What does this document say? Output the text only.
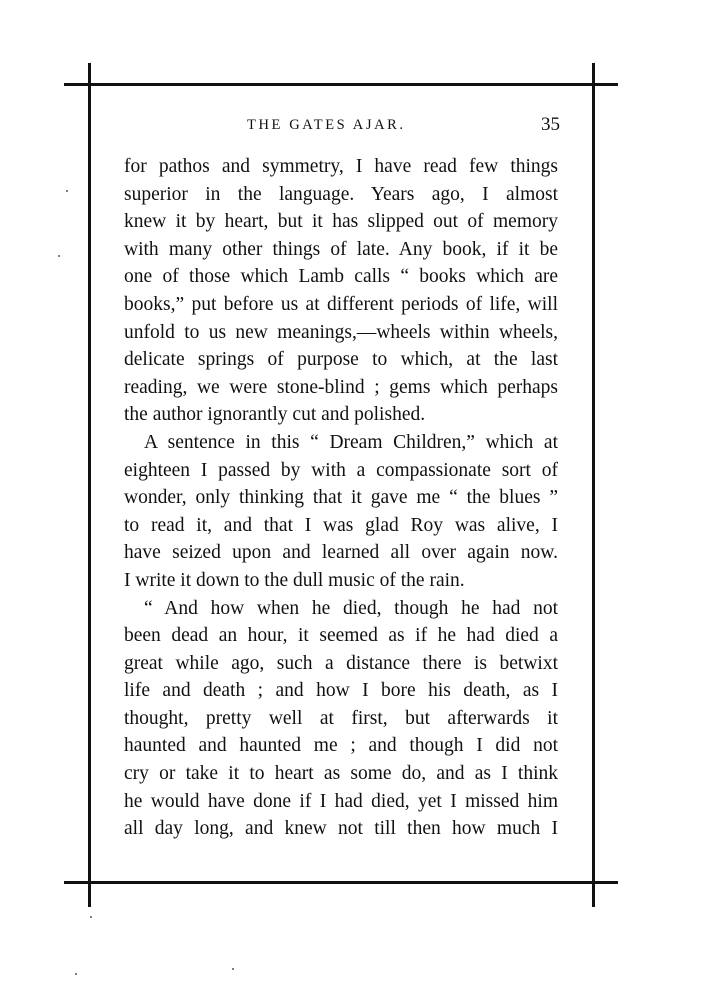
THE GATES AJAR.	35
for pathos and symmetry, I have read few things
superior in the language. Years ago, I almost
knew it by heart, but it has slipped out of memory
with many other things of late. Any book, if it be
one of those which Lamb calls “ books which are
books,” put before us at different periods of life, will
unfold to us new meanings,—wheels within wheels,
delicate springs of purpose to which, at the last
reading, we were stone-blind ; gems which perhaps
the author ignorantly cut and polished.
A sentence in this “ Dream Children,” which at
eighteen I passed by with a compassionate sort of
wonder, only thinking that it gave me “ the blues ”
to read it, and that I was glad Roy was alive, I
have seized upon and learned all over again now.
I write it down to the dull music of the rain.
“ And how when he died, though he had not
been dead an hour, it seemed as if he had died a
great while ago, such a distance there is betwixt
life and death ; and how I bore his death, as I
thought, pretty well at first, but afterwards it
haunted and haunted me ; and though I did not
cry or take it to heart as some do, and as I think
he would have done if I had died, yet I missed him
all day long, and knew not till then how much I
